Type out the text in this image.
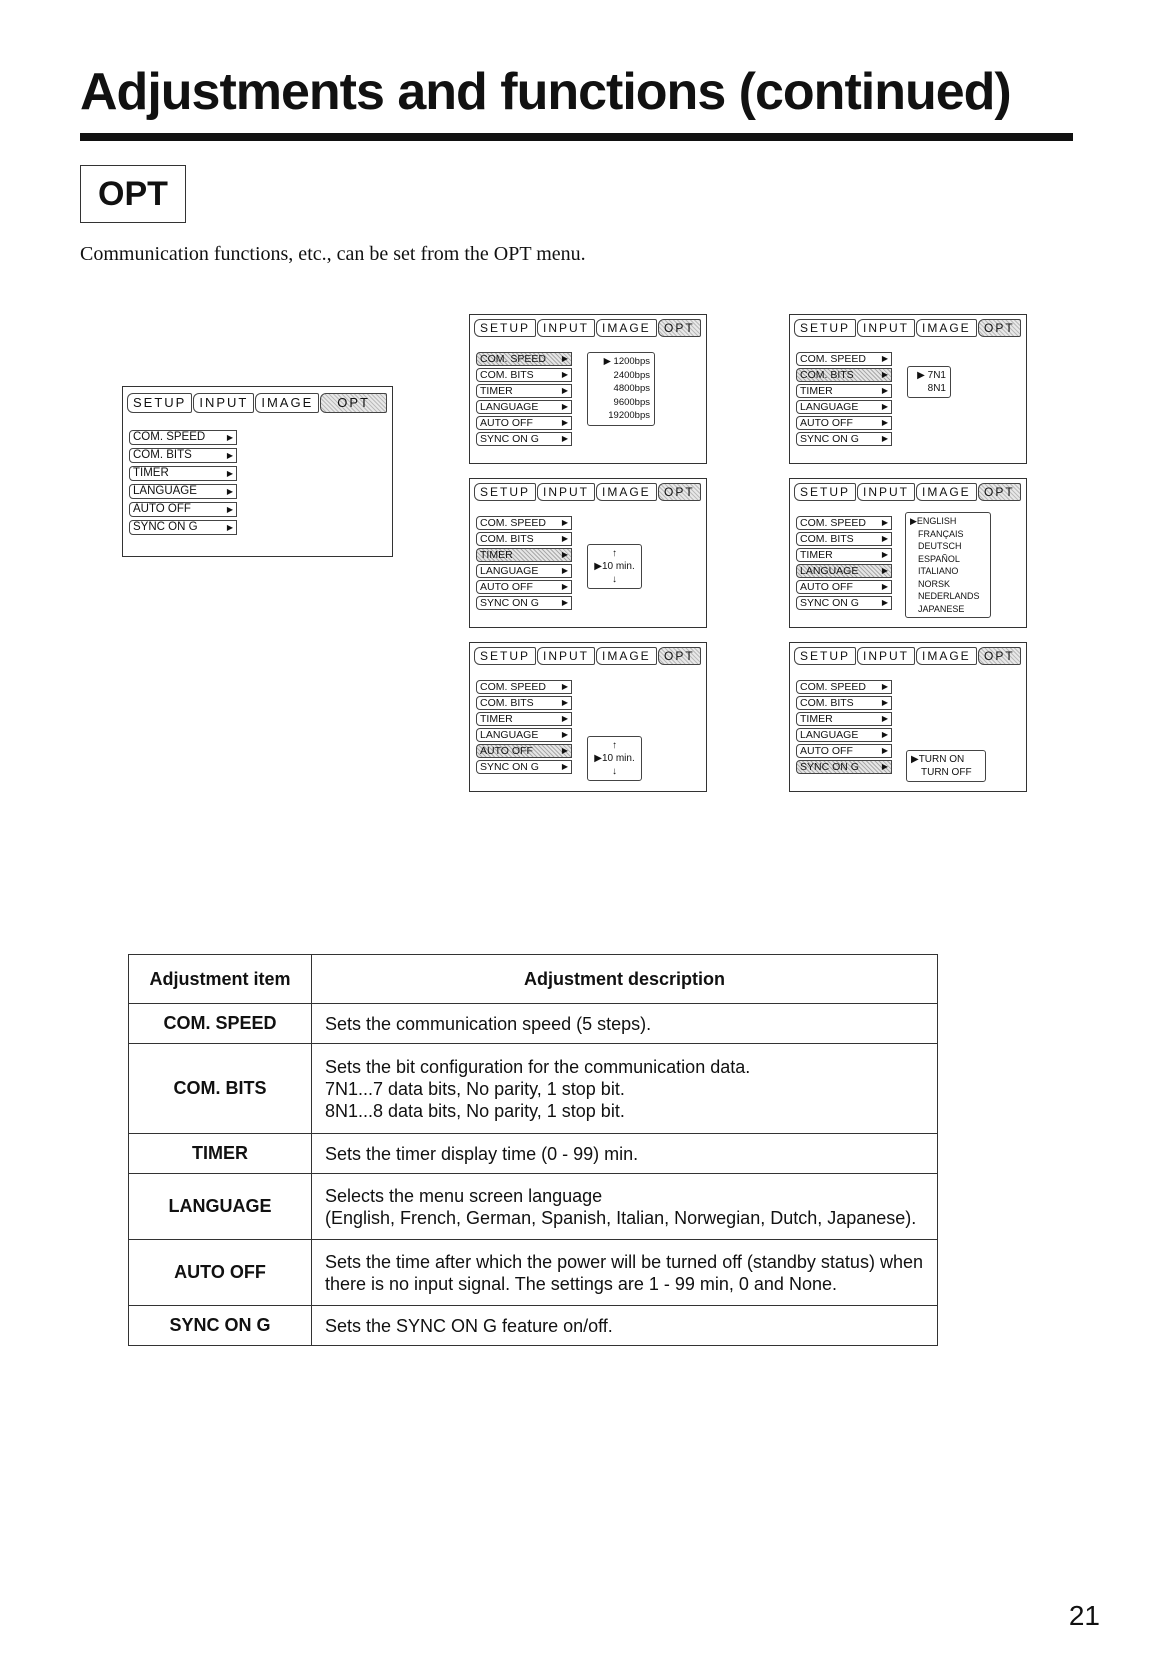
Adjustments and functions (continued)
OPT
Communication functions, etc., can be set from the OPT menu.
SETUP	INPUT	IMAGE	OPT
COM. SPEED ▶
COM. BITS ▶
TIMER ▶
LANGUAGE ▶
AUTO OFF ▶
SYNC ON G ▶
SETUP	INPUT	IMAGE	OPT
COM. SPEED ▶
COM. BITS ▶
TIMER ▶
LANGUAGE ▶
AUTO OFF ▶
SYNC ON G ▶
▶ 1200bps
2400bps
4800bps
9600bps
19200bps
SETUP	INPUT	IMAGE	OPT
COM. SPEED ▶
COM. BITS ▶
TIMER ▶
LANGUAGE ▶
AUTO OFF ▶
SYNC ON G ▶
▶ 7N1
8N1
SETUP	INPUT	IMAGE	OPT
COM. SPEED ▶
COM. BITS ▶
TIMER ▶
LANGUAGE ▶
AUTO OFF ▶
SYNC ON G ▶
↑
▶10 min.
↓
SETUP	INPUT	IMAGE	OPT
COM. SPEED ▶
COM. BITS ▶
TIMER ▶
LANGUAGE ▶
AUTO OFF ▶
SYNC ON G ▶
▶ENGLISH
FRANÇAIS
DEUTSCH
ESPAÑOL
ITALIANO
NORSK
NEDERLANDS
JAPANESE
SETUP	INPUT	IMAGE	OPT
COM. SPEED ▶
COM. BITS ▶
TIMER ▶
LANGUAGE ▶
AUTO OFF ▶
SYNC ON G ▶
↑
▶10 min.
↓
SETUP	INPUT	IMAGE	OPT
COM. SPEED ▶
COM. BITS ▶
TIMER ▶
LANGUAGE ▶
AUTO OFF ▶
SYNC ON G ▶
▶TURN ON
TURN OFF
Adjustment item	Adjustment description
COM. SPEED	Sets the communication speed (5 steps).

COM. BITS	Sets the bit configuration for the communication data.
7N1...7 data bits, No parity, 1 stop bit.
8N1...8 data bits, No parity, 1 stop bit.

TIMER	Sets the timer display time (0 - 99) min.

LANGUAGE	Selects the menu screen language
(English, French, German, Spanish, Italian, Norwegian, Dutch, Japanese).

AUTO OFF	Sets the time after which the power will be turned off (standby status) when
there is no input signal. The settings are 1 - 99 min, 0 and None.

SYNC ON G	Sets the SYNC ON G feature on/off.
21
